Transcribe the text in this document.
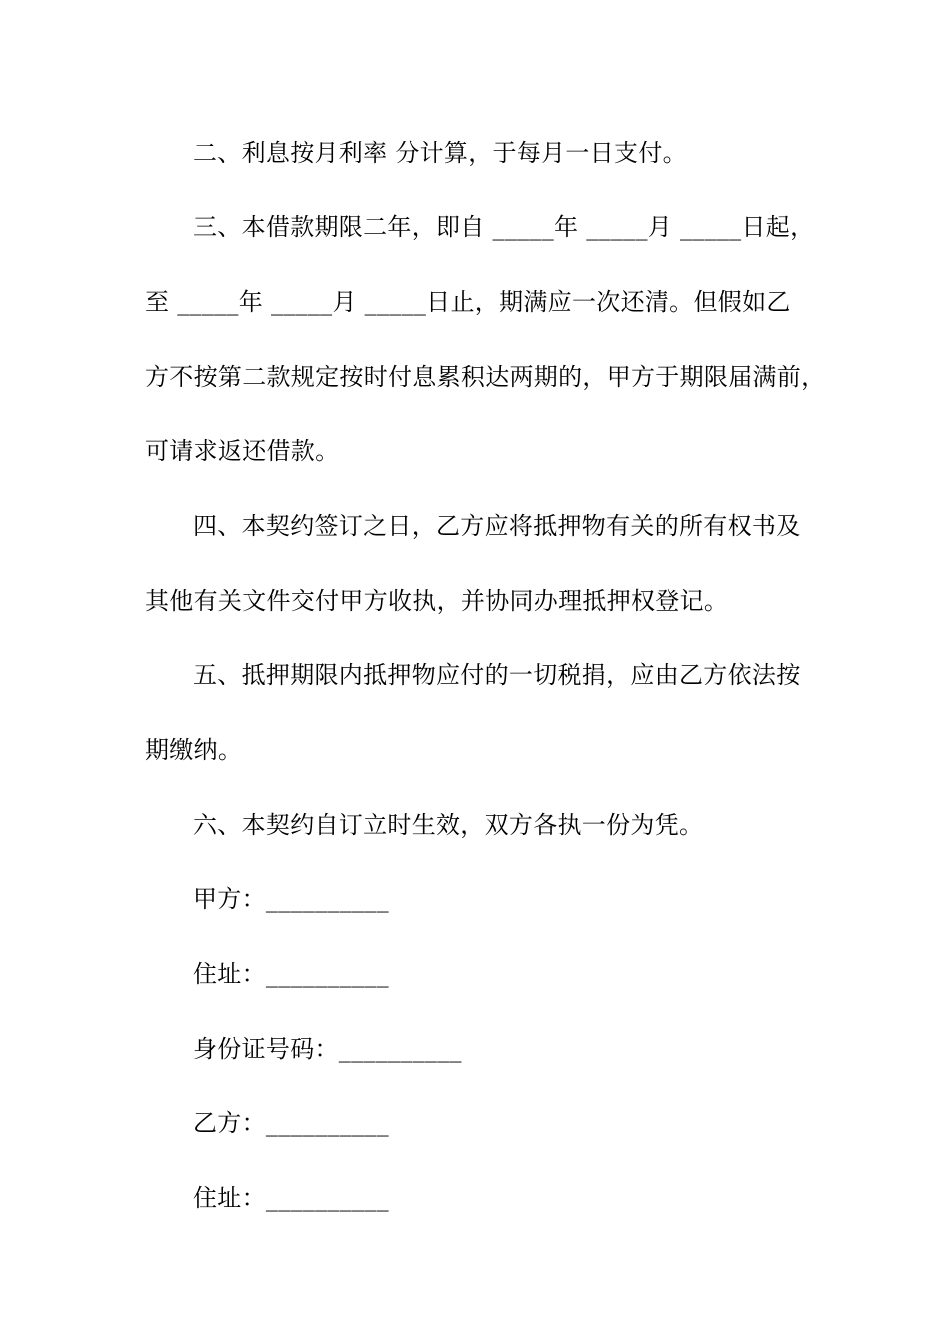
二、利息按月利率 分计算，于每月一日支付。
三、本借款期限二年，即自 _____年 _____月 _____日起，
至 _____年 _____月 _____日止，期满应一次还清。但假如乙
方不按第二款规定按时付息累积达两期的，甲方于期限届满前，
可请求返还借款。
四、本契约签订之日，乙方应将抵押物有关的所有权书及
其他有关文件交付甲方收执，并协同办理抵押权登记。
五、抵押期限内抵押物应付的一切税捐，应由乙方依法按
期缴纳。
六、本契约自订立时生效，双方各执一份为凭。
甲方：__________
住址：__________
身份证号码：__________
乙方：__________
住址：__________
